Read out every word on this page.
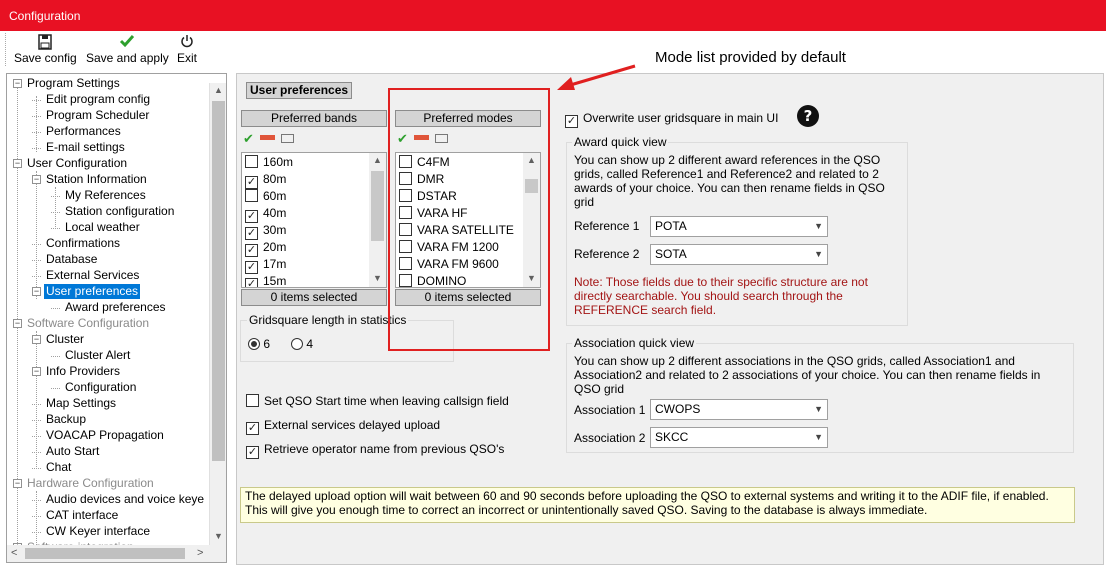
Configuration
Save config Save and apply Exit
− Program Settings
Edit program config
Program Scheduler
Performances
E-mail settings
− User Configuration
− Station Information
My References
Station configuration
Local weather
Confirmations
Database
External Services
− User preferences
Award preferences
− Software Configuration
− Cluster
Cluster Alert
− Info Providers
Configuration
Map Settings
Backup
VOACAP Propagation
Auto Start
Chat
− Hardware Configuration
Audio devices and voice keye
CAT interface
CW Keyer interface
▲
▼
<	>
User preferences
Preferred bands
✔
160m
✓ 80m
60m
✓ 40m
✓ 30m
✓ 20m
✓ 17m
✓ 15m
▲
▼
0 items selected
Preferred modes
✔
C4FM
DMR
DSTAR
VARA HF
VARA SATELLITE
VARA FM 1200
VARA FM 9600
DOMINO
▲
▼
0 items selected
Gridsquare length in statistics
6	4
Set QSO Start time when leaving callsign field
✓ External services delayed upload
✓ Retrieve operator name from previous QSO's
✓ Overwrite user gridsquare in main UI ?
Award quick view
You can show up 2 different award references in the QSO grids, called Reference1 and Reference2 and related to 2 awards of your choice. You can then rename fields in QSO grid
Reference 1	POTA	▼
Reference 2	SOTA	▼
Note: Those fields due to their specific structure are not directly searchable. You should search through the REFERENCE search field.
Association quick view
You can show up 2 different associations in the QSO grids, called Association1 and Association2 and related to 2 associations of your choice. You can then rename fields in QSO grid
Association 1 CWOPS	▼
Association 2 SKCC	▼
The delayed upload option will wait between 60 and 90 seconds before uploading the QSO to external systems and writing it to the ADIF file, if enabled. This will give you enough time to correct an incorrect or unintentionally saved QSO. Saving to the database is always immediate.
Mode list provided by default
